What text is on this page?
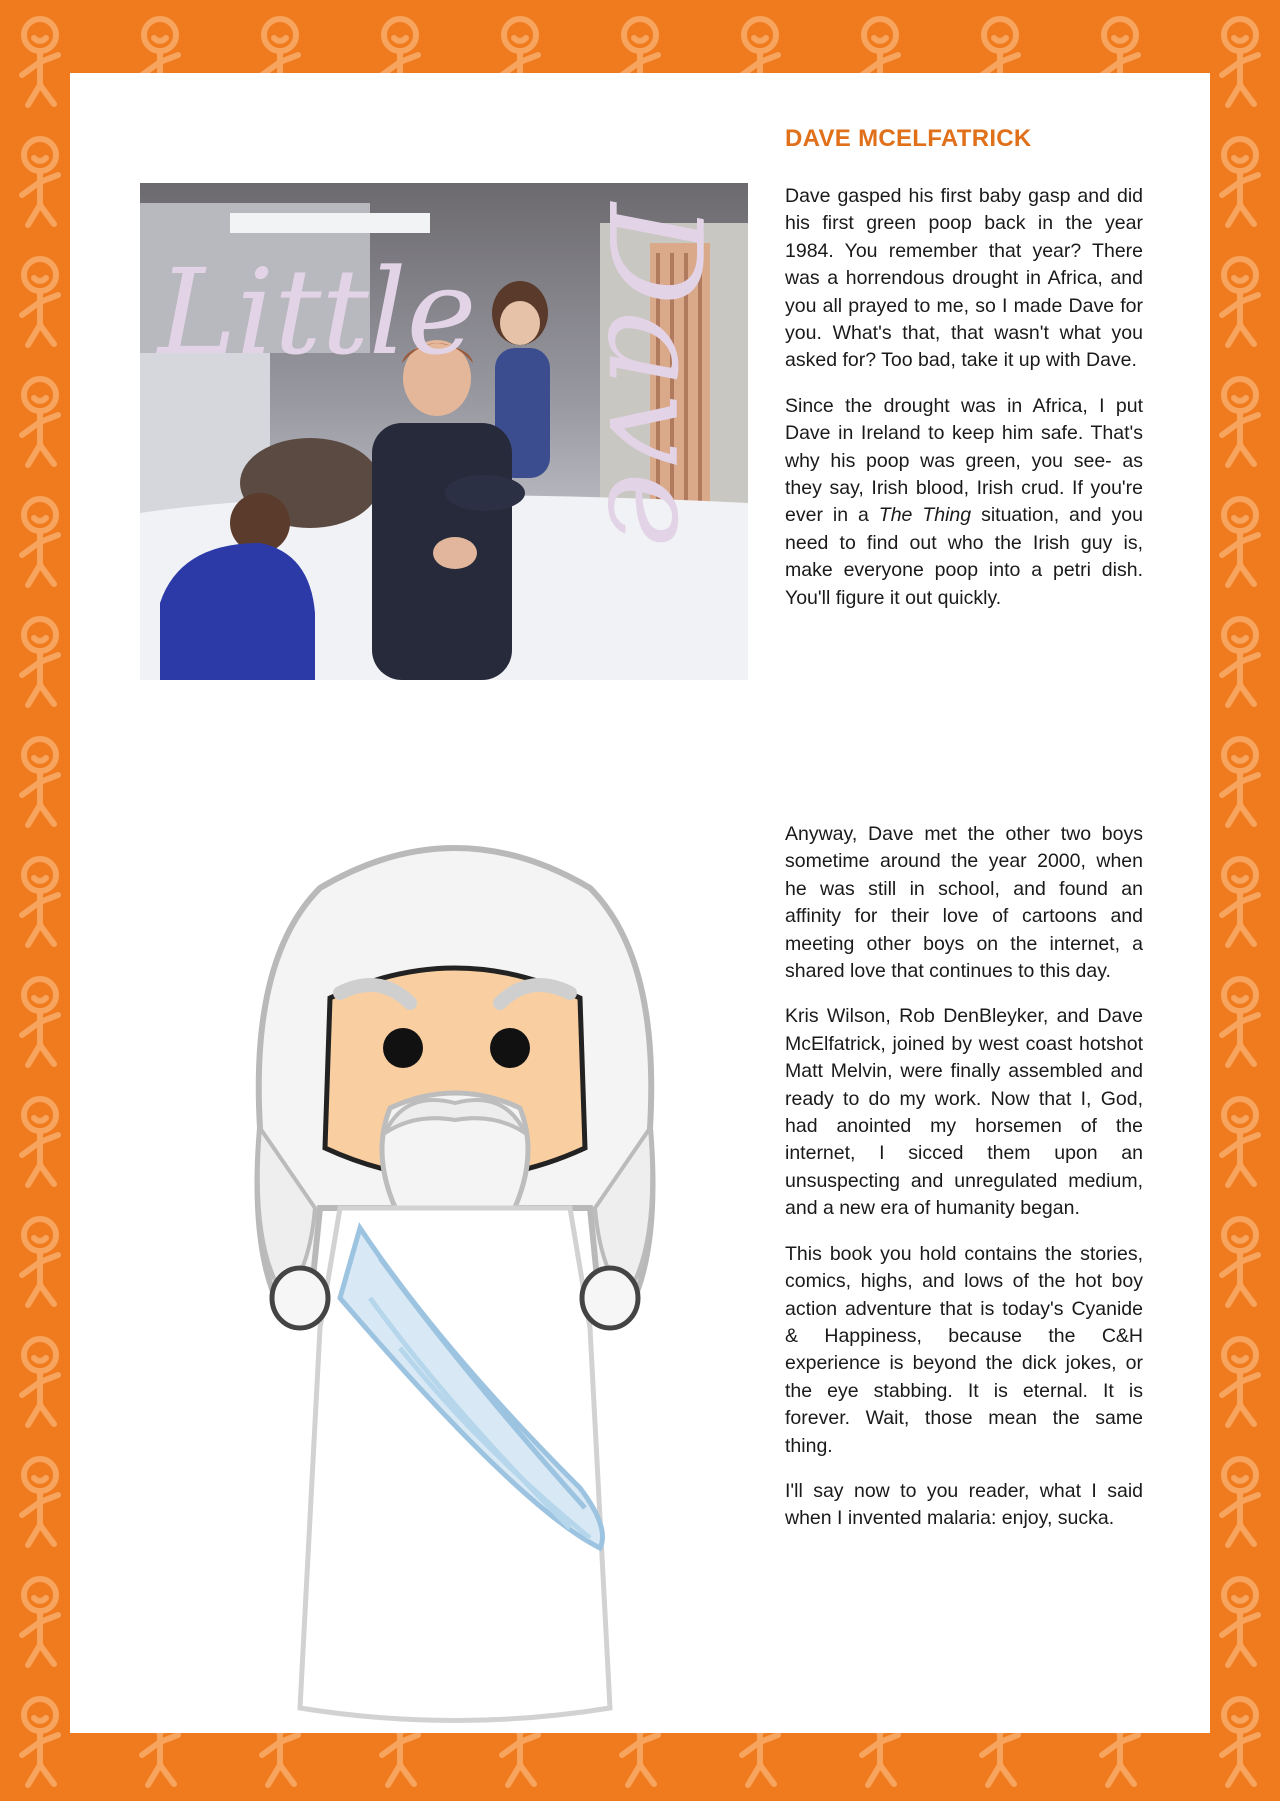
Little Dave
DAVE MCELFATRICK

Dave gasped his first baby gasp and did his first green poop back in the year 1984. You remember that year? There was a horrendous drought in Africa, and you all prayed to me, so I made Dave for you. What's that, that wasn't what you asked for? Too bad, take it up with Dave.

Since the drought was in Africa, I put Dave in Ireland to keep him safe. That's why his poop was green, you see- as they say, Irish blood, Irish crud. If you're ever in a The Thing situation, and you need to find out who the Irish guy is, make everyone poop into a petri dish. You'll figure it out quickly.

Anyway, Dave met the other two boys sometime around the year 2000, when he was still in school, and found an affinity for their love of cartoons and meeting other boys on the internet, a shared love that continues to this day.

Kris Wilson, Rob DenBleyker, and Dave McElfatrick, joined by west coast hotshot Matt Melvin, were finally assembled and ready to do my work. Now that I, God, had anointed my horsemen of the internet, I sicced them upon an unsuspecting and unregulated medium, and a new era of humanity began.

This book you hold contains the stories, comics, highs, and lows of the hot boy action adventure that is today's Cyanide & Happiness, because the C&H experience is beyond the dick jokes, or the eye stabbing. It is eternal. It is forever. Wait, those mean the same thing.

I'll say now to you reader, what I said when I invented malaria: enjoy, sucka.
